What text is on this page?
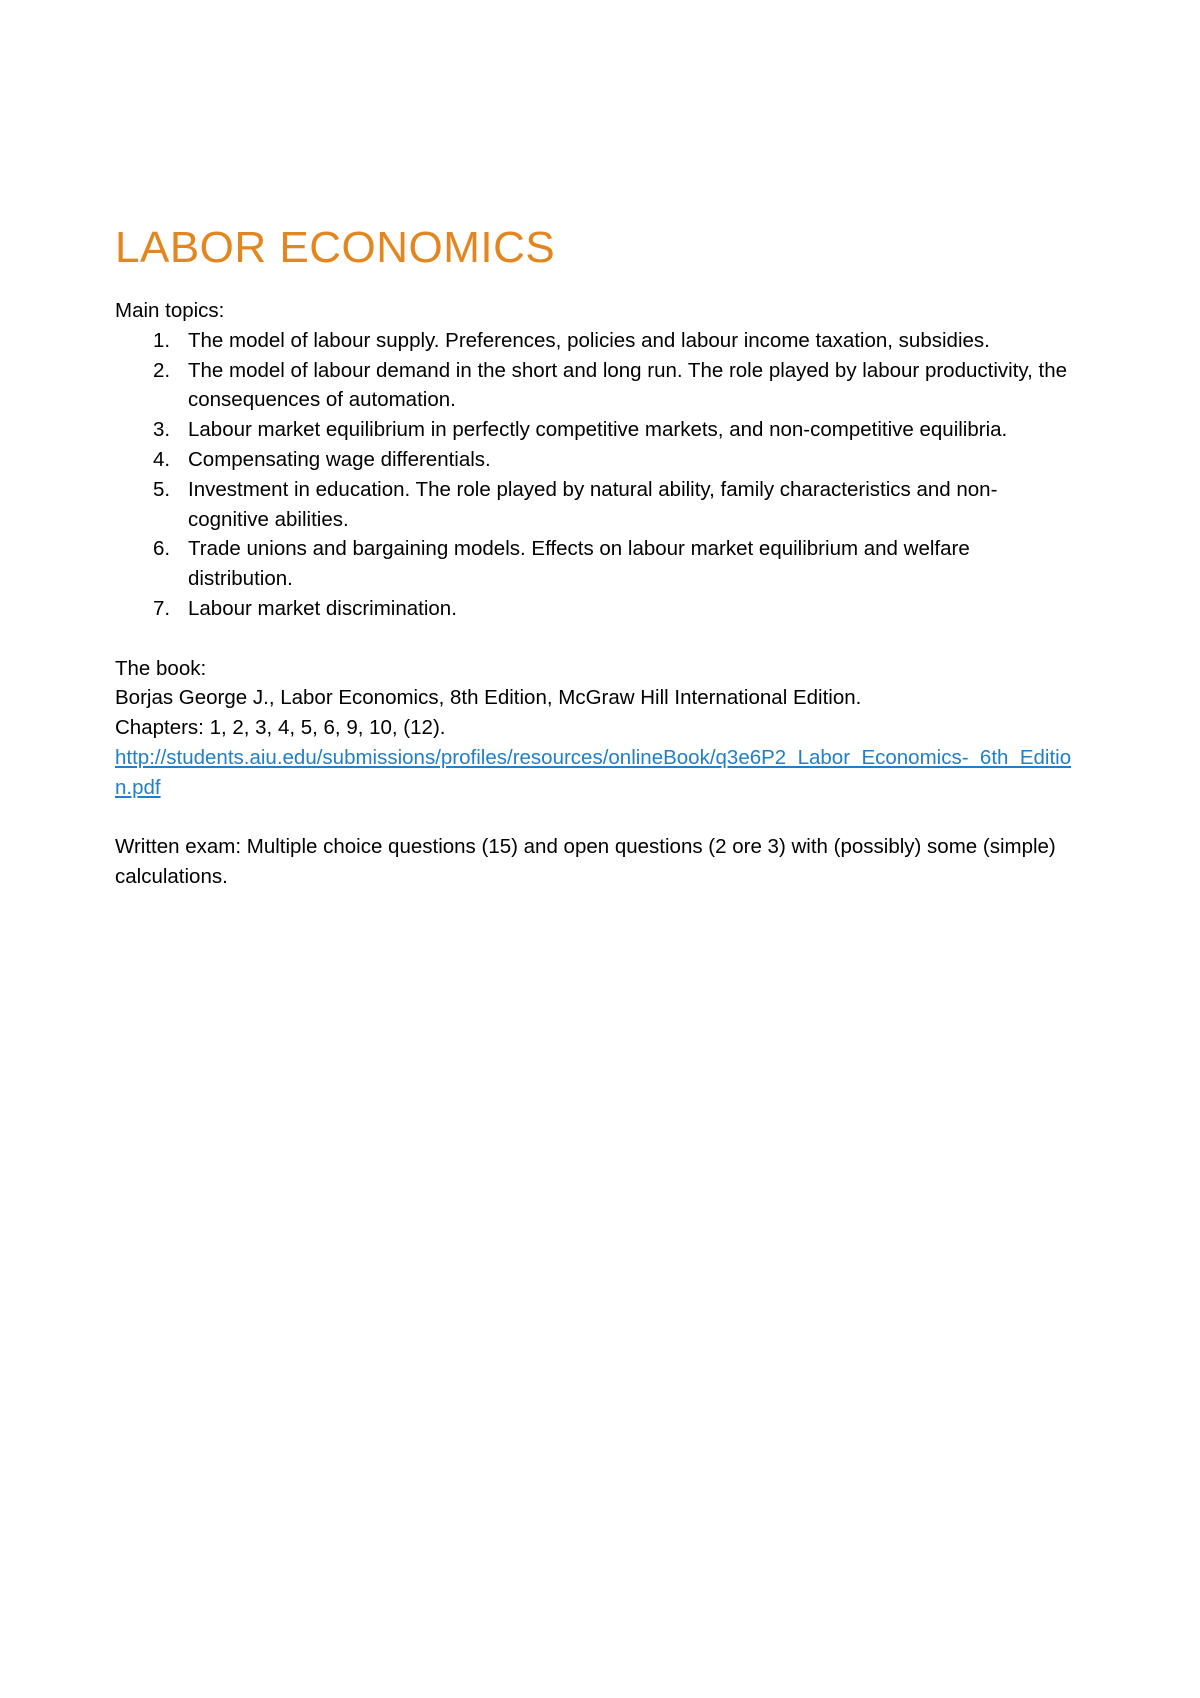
LABOR ECONOMICS

Main topics:

1. The model of labour supply. Preferences, policies and labour income taxation, subsidies.
2. The model of labour demand in the short and long run. The role played by labour productivity, the consequences of automation.
3. Labour market equilibrium in perfectly competitive markets, and non-competitive equilibria.
4. Compensating wage differentials.
5. Investment in education. The role played by natural ability, family characteristics and non-cognitive abilities.
6. Trade unions and bargaining models. Effects on labour market equilibrium and welfare distribution.
7. Labour market discrimination.

The book:

Borjas George J., Labor Economics, 8th Edition, McGraw Hill International Edition.

Chapters: 1, 2, 3, 4, 5, 6, 9, 10, (12).

http://students.aiu.edu/submissions/profiles/resources/onlineBook/q3e6P2_Labor_Economics-_6th_Edition.pdf

Written exam: Multiple choice questions (15) and open questions (2 ore 3) with (possibly) some (simple) calculations.
